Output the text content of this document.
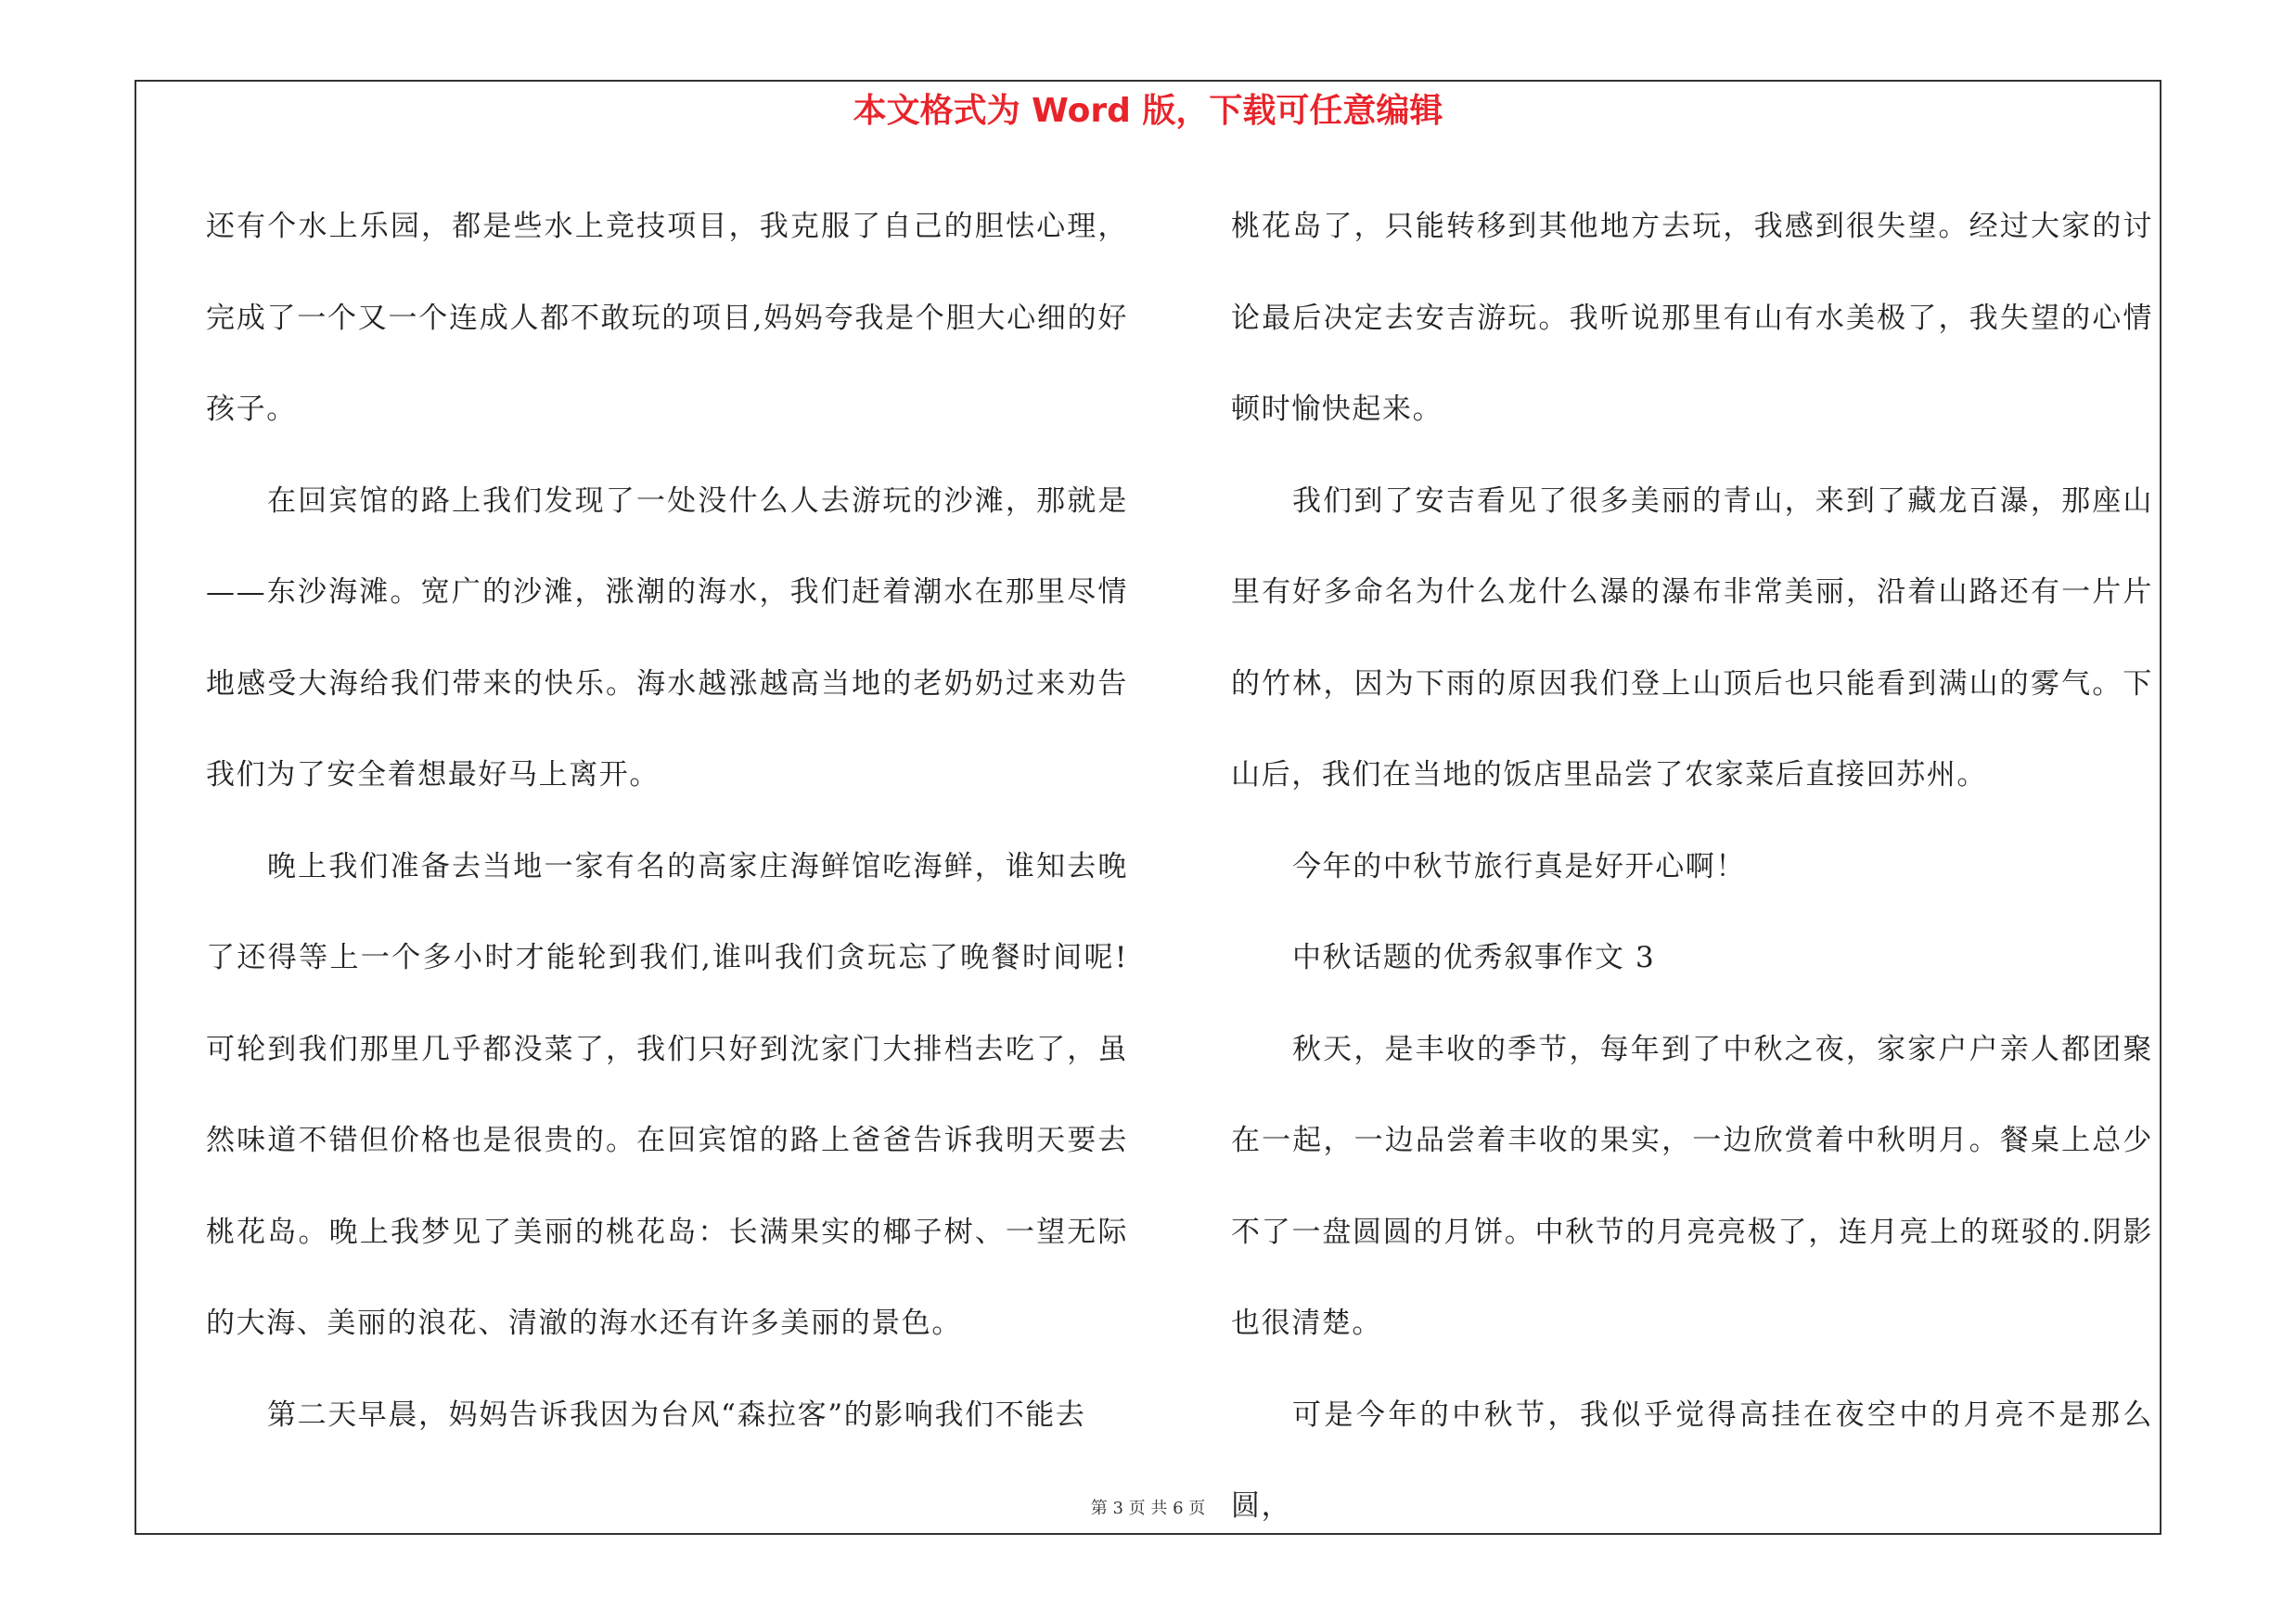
本文格式为 Word 版，下载可任意编辑

还有个水上乐园，都是些水上竞技项目，我克服了自己的胆怯心理，完成了一个又一个连成人都不敢玩的项目,妈妈夸我是个胆大心细的好孩子。

在回宾馆的路上我们发现了一处没什么人去游玩的沙滩，那就是——东沙海滩。宽广的沙滩，涨潮的海水，我们赶着潮水在那里尽情地感受大海给我们带来的快乐。海水越涨越高当地的老奶奶过来劝告我们为了安全着想最好马上离开。

晚上我们准备去当地一家有名的高家庄海鲜馆吃海鲜，谁知去晚了还得等上一个多小时才能轮到我们,谁叫我们贪玩忘了晚餐时间呢!可轮到我们那里几乎都没菜了，我们只好到沈家门大排档去吃了，虽然味道不错但价格也是很贵的。在回宾馆的路上爸爸告诉我明天要去桃花岛。晚上我梦见了美丽的桃花岛：长满果实的椰子树、一望无际的大海、美丽的浪花、清澈的海水还有许多美丽的景色。

第二天早晨，妈妈告诉我因为台风“森拉客”的影响我们不能去

桃花岛了，只能转移到其他地方去玩，我感到很失望。经过大家的讨论最后决定去安吉游玩。我听说那里有山有水美极了，我失望的心情顿时愉快起来。

我们到了安吉看见了很多美丽的青山，来到了藏龙百瀑，那座山里有好多命名为什么龙什么瀑的瀑布非常美丽，沿着山路还有一片片的竹林，因为下雨的原因我们登上山顶后也只能看到满山的雾气。下山后，我们在当地的饭店里品尝了农家菜后直接回苏州。

今年的中秋节旅行真是好开心啊！

中秋话题的优秀叙事作文 3

秋天，是丰收的季节，每年到了中秋之夜，家家户户亲人都团聚在一起，一边品尝着丰收的果实，一边欣赏着中秋明月。餐桌上总少不了一盘圆圆的月饼。中秋节的月亮亮极了，连月亮上的斑驳的.阴影也很清楚。

可是今年的中秋节，我似乎觉得高挂在夜空中的月亮不是那么圆，

第 3 页 共 6 页
